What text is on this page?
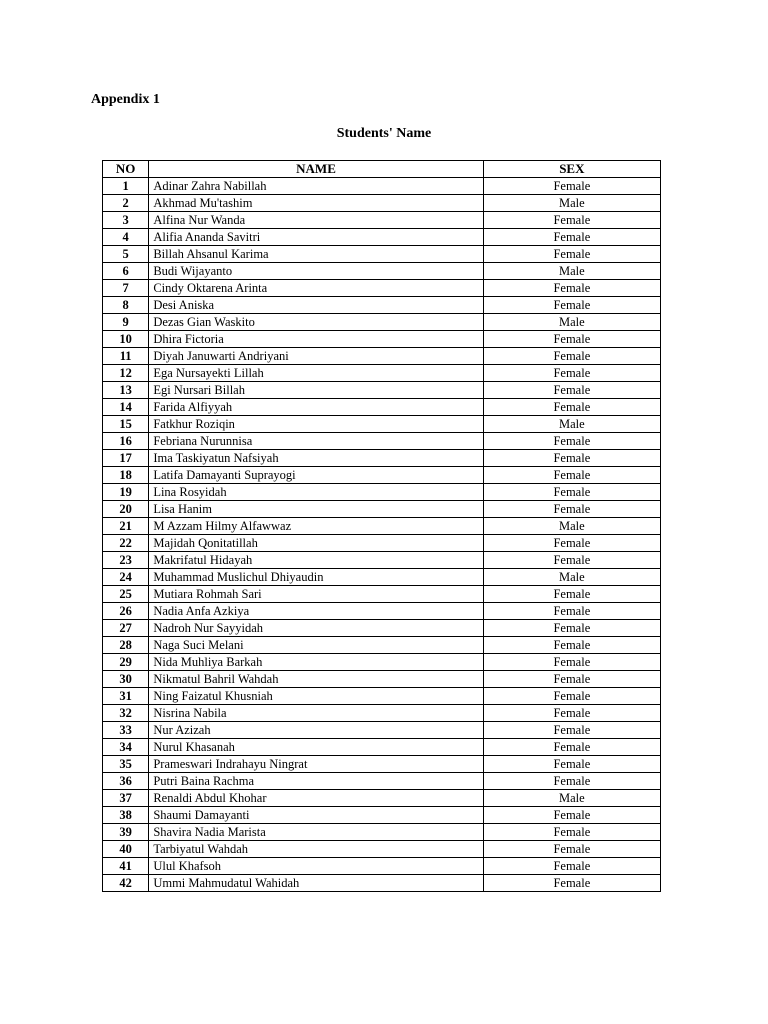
Appendix 1
Students' Name
NO	NAME	SEX
1	Adinar Zahra Nabillah	Female
2	Akhmad Mu'tashim	Male
3	Alfina Nur Wanda	Female
4	Alifia Ananda Savitri	Female
5	Billah Ahsanul Karima	Female
6	Budi Wijayanto	Male
7	Cindy Oktarena Arinta	Female
8	Desi Aniska	Female
9	Dezas Gian Waskito	Male
10	Dhira Fictoria	Female
11	Diyah Januwarti Andriyani	Female
12	Ega Nursayekti Lillah	Female
13	Egi Nursari Billah	Female
14	Farida Alfiyyah	Female
15	Fatkhur Roziqin	Male
16	Febriana Nurunnisa	Female
17	Ima Taskiyatun Nafsiyah	Female
18	Latifa Damayanti Suprayogi	Female
19	Lina Rosyidah	Female
20	Lisa Hanim	Female
21	M Azzam Hilmy Alfawwaz	Male
22	Majidah Qonitatillah	Female
23	Makrifatul Hidayah	Female
24	Muhammad Muslichul Dhiyaudin	Male
25	Mutiara Rohmah Sari	Female
26	Nadia Anfa Azkiya	Female
27	Nadroh Nur Sayyidah	Female
28	Naga Suci Melani	Female
29	Nida Muhliya Barkah	Female
30	Nikmatul Bahril Wahdah	Female
31	Ning Faizatul Khusniah	Female
32	Nisrina Nabila	Female
33	Nur Azizah	Female
34	Nurul Khasanah	Female
35	Prameswari Indrahayu Ningrat	Female
36	Putri Baina Rachma	Female
37	Renaldi Abdul Khohar	Male
38	Shaumi Damayanti	Female
39	Shavira Nadia Marista	Female
40	Tarbiyatul Wahdah	Female
41	Ulul Khafsoh	Female
42	Ummi Mahmudatul Wahidah	Female
